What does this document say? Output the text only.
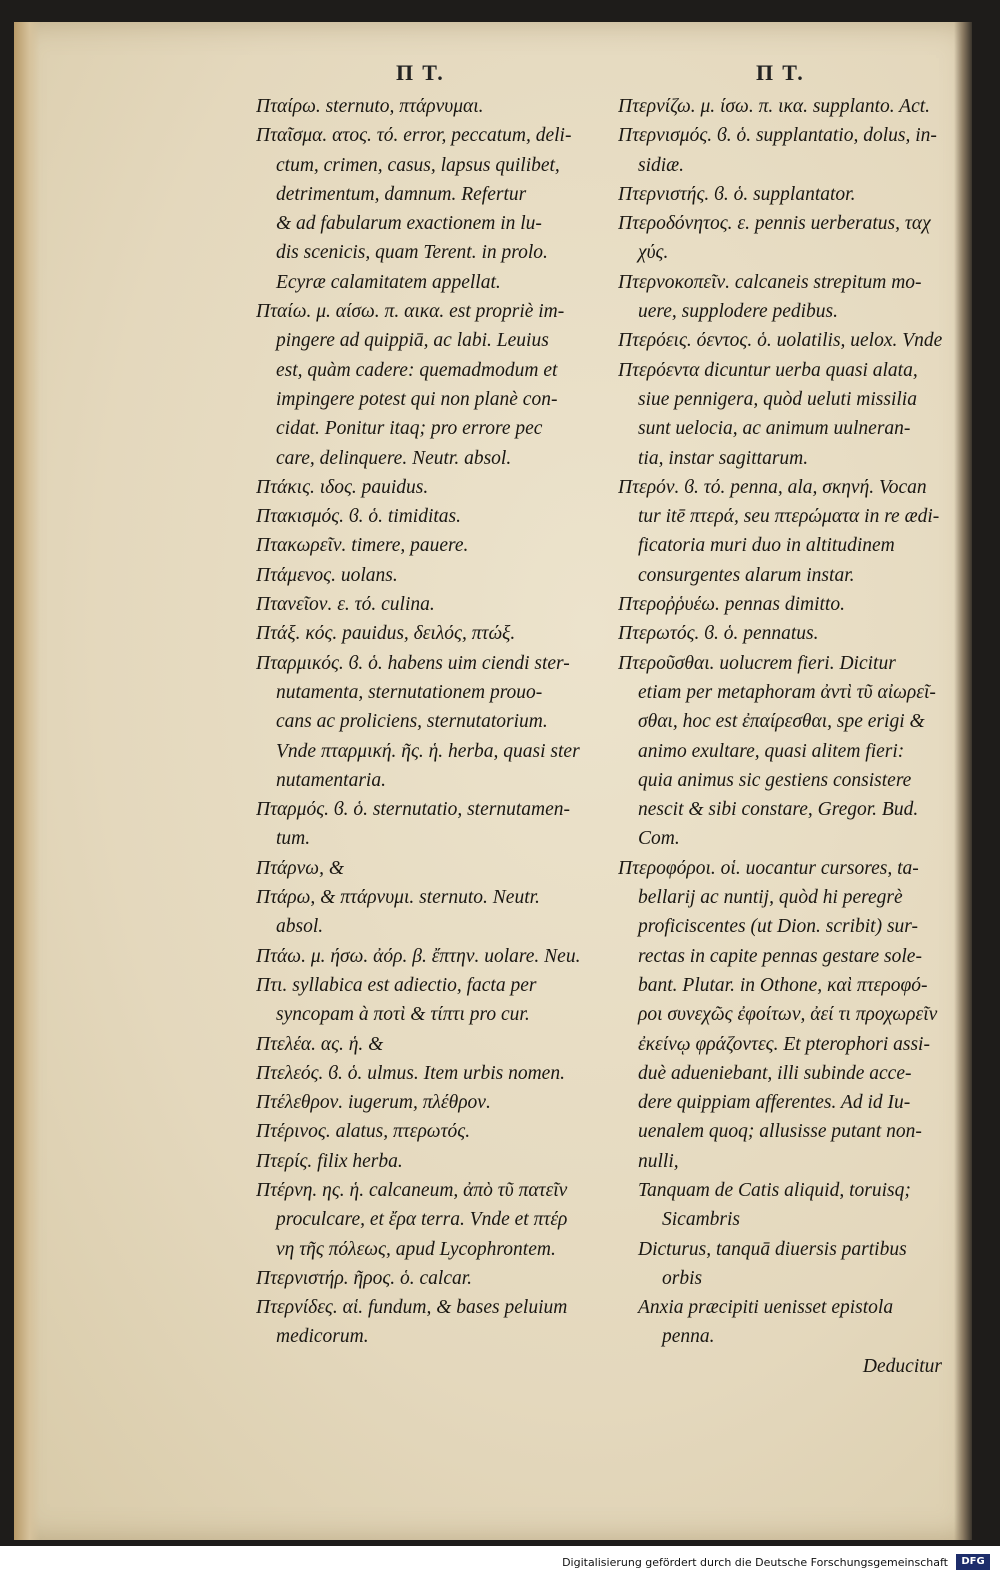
Π Τ.	Π Τ.
Πταίρω. sternuto, πτάρνυμαι.
Πταῖσμα. ατος. τό. error, peccatum, deli-
ctum, crimen, casus, lapsus quilibet,
detrimentum, damnum. Refertur
& ad fabularum exactionem in lu-
dis scenicis, quam Terent. in prolo.
Ecyræ calamitatem appellat.
Πταίω. μ. αίσω. π. αικα. est propriè im-
pingere ad quippiā, ac labi. Leuius
est, quàm cadere: quemadmodum et
impingere potest qui non planè con-
cidat. Ponitur itaq; pro errore pec
care, delinquere. Neutr. absol.
Πτάκις. ιδος. pauidus.
Πτακισμός. ϐ. ὁ. timiditas.
Πτακωρεῖν. timere, pauere.
Πτάμενος. uolans.
Πτανεῖον. ε. τό. culina.
Πτάξ. κός. pauidus, δειλός, πτώξ.
Πταρμικός. ϐ. ὁ. habens uim ciendi ster-
nutamenta, sternutationem prouo-
cans ac proliciens, sternutatorium.
Vnde πταρμική. ῆς. ἡ. herba, quasi ster
nutamentaria.
Πταρμός. ϐ. ὁ. sternutatio, sternutamen-
tum.
Πτάρνω, &
Πτάρω, & πτάρνυμι. sternuto. Neutr.
absol.
Πτάω. μ. ήσω. ἀόρ. β. ἔπτην. uolare. Neu.
Πτι. syllabica est adiectio, facta per
syncopam à ποτὶ & τίπτι pro cur.
Πτελέα. ας. ἡ. &
Πτελεός. ϐ. ὁ. ulmus. Item urbis nomen.
Πτέλεθρον. iugerum, πλέθρον.
Πτέρινος. alatus, πτερωτός.
Πτερίς. filix herba.
Πτέρνη. ης. ἡ. calcaneum, ἀπὸ τῦ πατεῖν
proculcare, et ἔρα terra. Vnde et πτέρ
νη τῆς πόλεως, apud Lycophrontem.
Πτερνιστήρ. ῆρος. ὁ. calcar.
Πτερνίδες. αἱ. fundum, & bases peluium
medicorum.
Πτερνίζω. μ. ίσω. π. ικα. supplanto. Act.
Πτερνισμός. ϐ. ὁ. supplantatio, dolus, in-
sidiæ.
Πτερνιστής. ϐ. ὁ. supplantator.
Πτεροδόνητος. ε. pennis uerberatus, ταχ
χύς.
Πτερνοκοπεῖν. calcaneis strepitum mo-
uere, supplodere pedibus.
Πτερόεις. όεντος. ὁ. uolatilis, uelox. Vnde
Πτερόεντα dicuntur uerba quasi alata,
siue pennigera, quòd ueluti missilia
sunt uelocia, ac animum uulneran-
tia, instar sagittarum.
Πτερόν. ϐ. τό. penna, ala, σκηνή. Vocan
tur itē πτερά, seu πτερώματα in re ædi-
ficatoria muri duo in altitudinem
consurgentes alarum instar.
Πτεροῤῥυέω. pennas dimitto.
Πτερωτός. ϐ. ὁ. pennatus.
Πτεροῦσθαι. uolucrem fieri. Dicitur
etiam per metaphoram ἀντὶ τῦ αἰωρεῖ-
σθαι, hoc est ἐπαίρεσθαι, spe erigi &
animo exultare, quasi alitem fieri:
quia animus sic gestiens consistere
nescit & sibi constare, Gregor. Bud.
Com.
Πτεροφόροι. οἱ. uocantur cursores, ta-
bellarij ac nuntij, quòd hi peregrè
proficiscentes (ut Dion. scribit) sur-
rectas in capite pennas gestare sole-
bant. Plutar. in Othone, καὶ πτεροφό-
ροι συνεχῶς ἐφοίτων, ἀεί τι προχωρεῖν
ἐκείνῳ φράζοντες. Et pterophori assi-
duè adueniebant, illi subinde acce-
dere quippiam afferentes. Ad id Iu-
uenalem quoq; allusisse putant non-
nulli,
Tanquam de Catis aliquid, toruisq;
Sicambris
Dicturus, tanquā diuersis partibus
orbis
Anxia præcipiti uenisset epistola
penna.
Deducitur
Digitalisierung gefördert durch die Deutsche Forschungsgemeinschaft	DFG
